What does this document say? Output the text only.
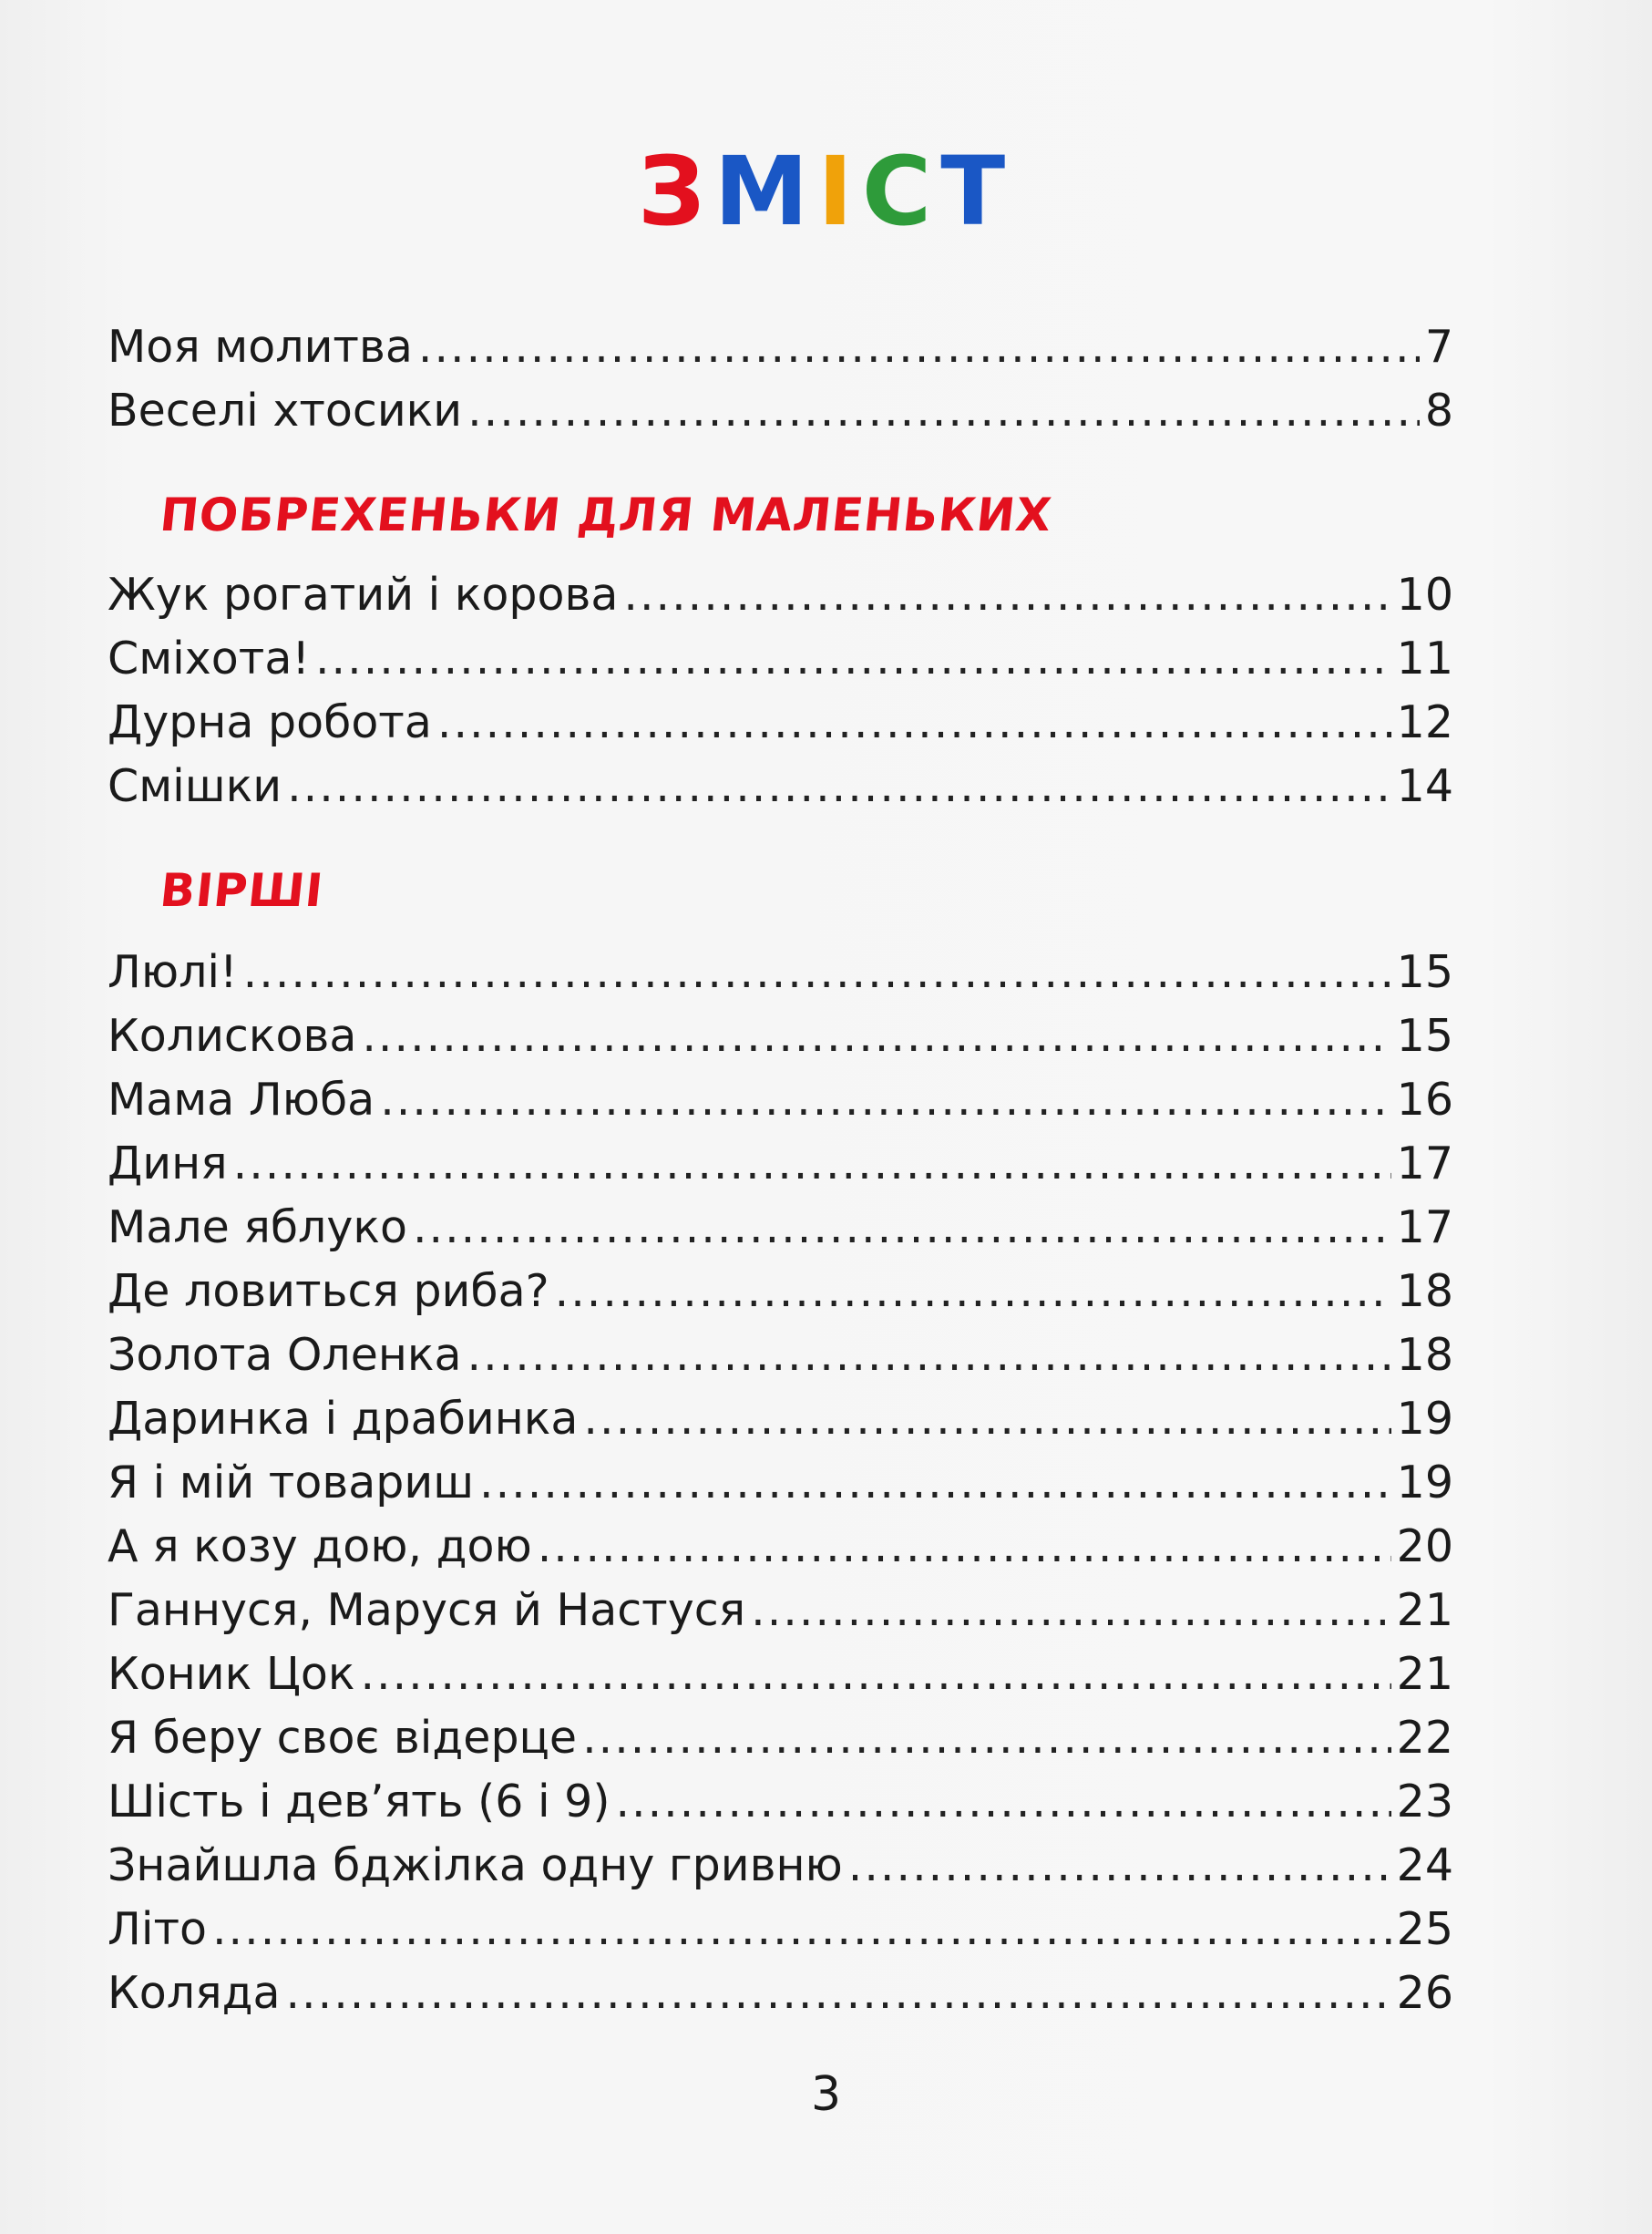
ЗМІСТ
Моя молитва .....	7
Веселі хтосики .....	8
ПОБРЕХЕНЬКИ ДЛЯ МАЛЕНЬКИХ
Жук рогатий і корова .....	10
Сміхота! .....	11
Дурна робота .....	12
Смішки .....	14
ВІРШІ
Люлі! .....	15
Колискова .....	15
Мама Люба .....	16
Диня .....	17
Мале яблуко .....	17
Де ловиться риба? .....	18
Золота Оленка .....	18
Даринка і драбинка .....	19
Я і мій товариш .....	19
А я козу дою, дою .....	20
Ганнуся, Маруся й Настуся .....	21
Коник Цок .....	21
Я беру своє відерце .....	22
Шість і дев’ять (6 і 9) .....	23
Знайшла бджілка одну гривню .....	24
Літо .....	25
Коляда .....	26
3
